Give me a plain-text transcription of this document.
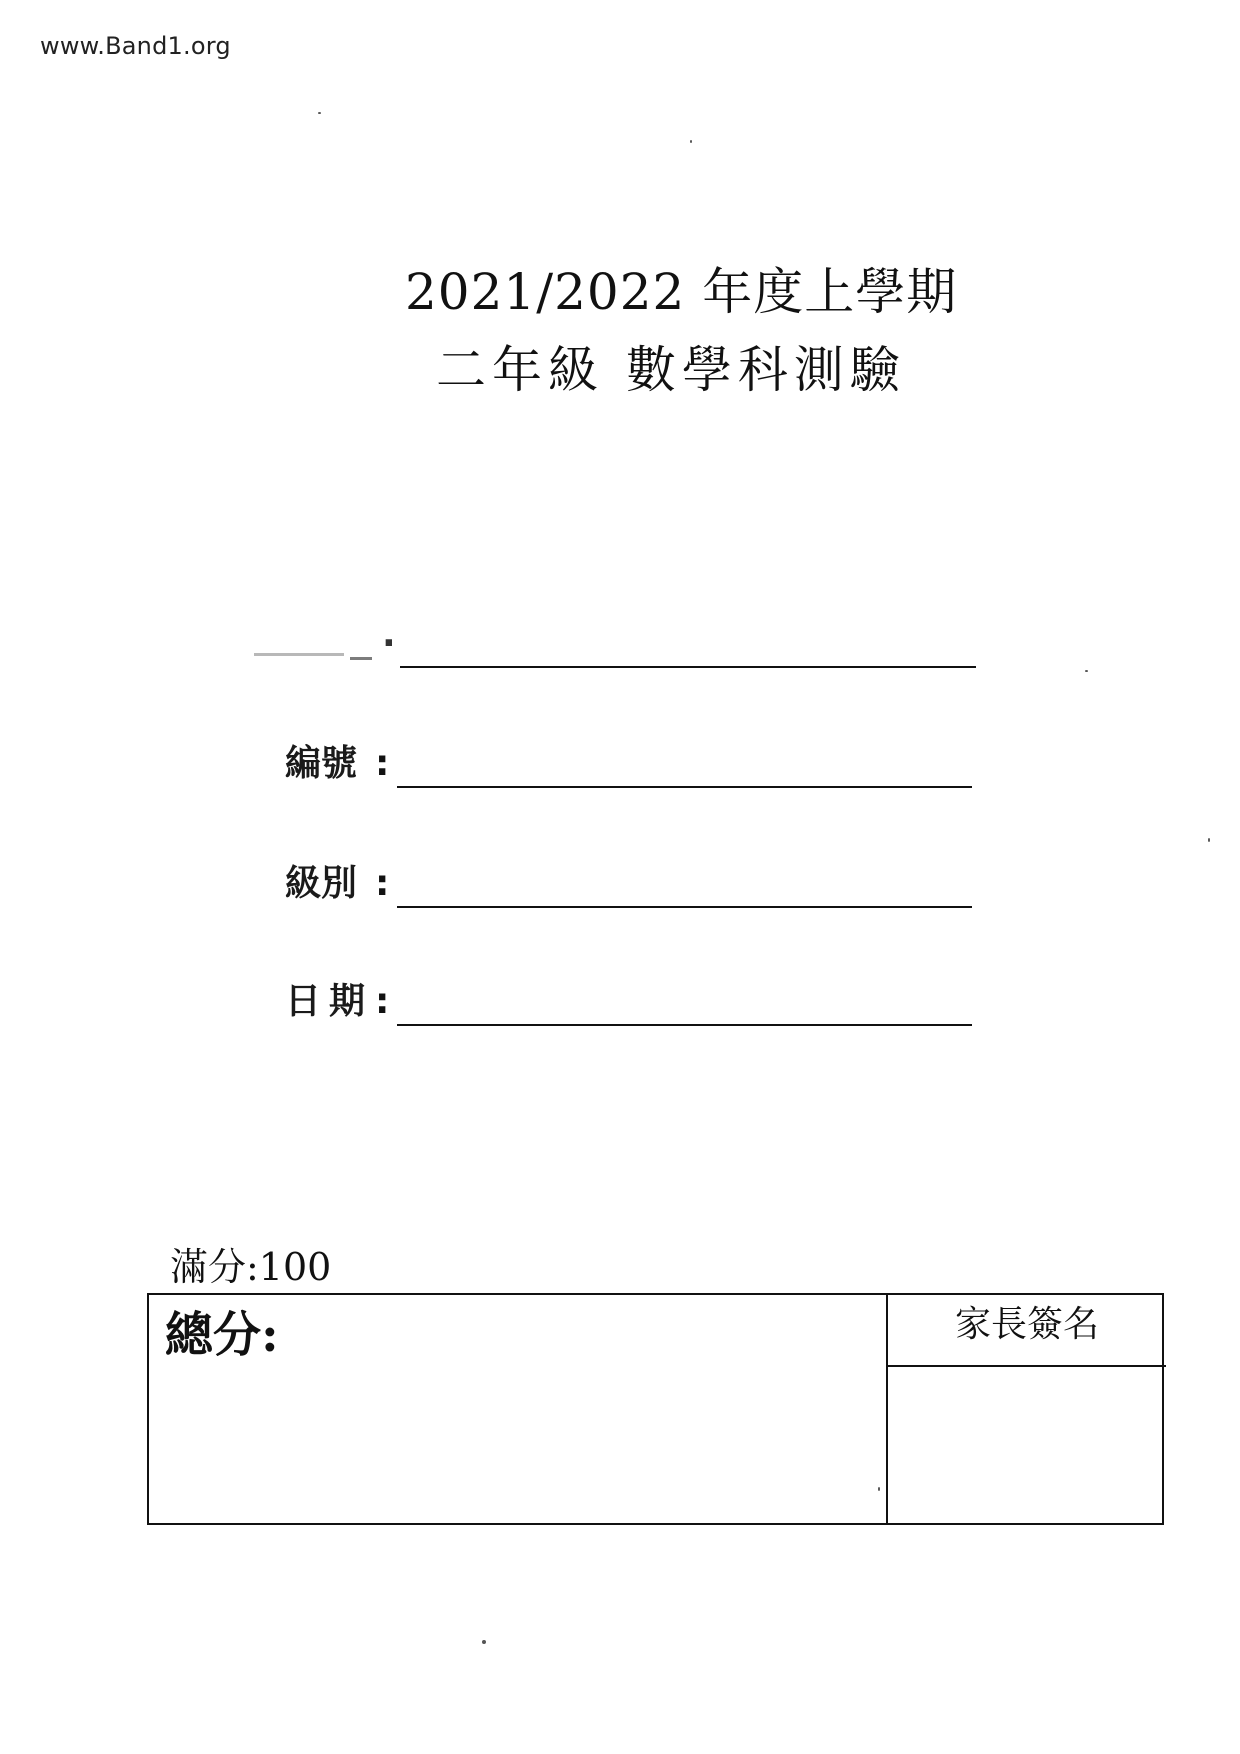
www.Band1.org
2021/2022 年度上學期
二年級 數學科測驗
·
編號 :
級別 :
日期 :
滿分:100
總分:	家長簽名
